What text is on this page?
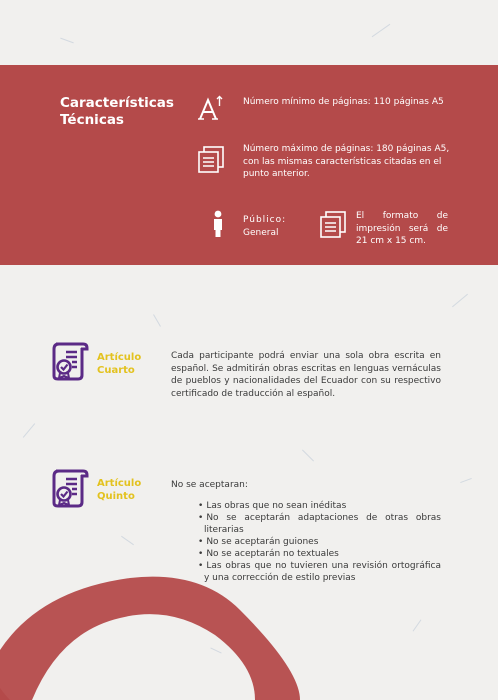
Características
Técnicas
Número mínimo de páginas: 110 páginas A5
Número máximo de páginas: 180 páginas A5, con las mismas características citadas en el punto anterior.
Público:
General
El formato de impresión será de 21 cm x 15 cm.
Artículo
Cuarto
Cada participante podrá enviar una sola obra escrita en español. Se admitirán obras escritas en lenguas vernáculas de pueblos y nacionalidades del Ecuador con su respectivo certificado de traducción al español.
Artículo
Quinto
No se aceptaran:
• Las obras que no sean inéditas
• No se aceptarán adaptaciones de otras obras literarias
• No se aceptarán guiones
• No se aceptarán no textuales
• Las obras que no tuvieren una revisión ortográfica y una corrección de estilo previas
